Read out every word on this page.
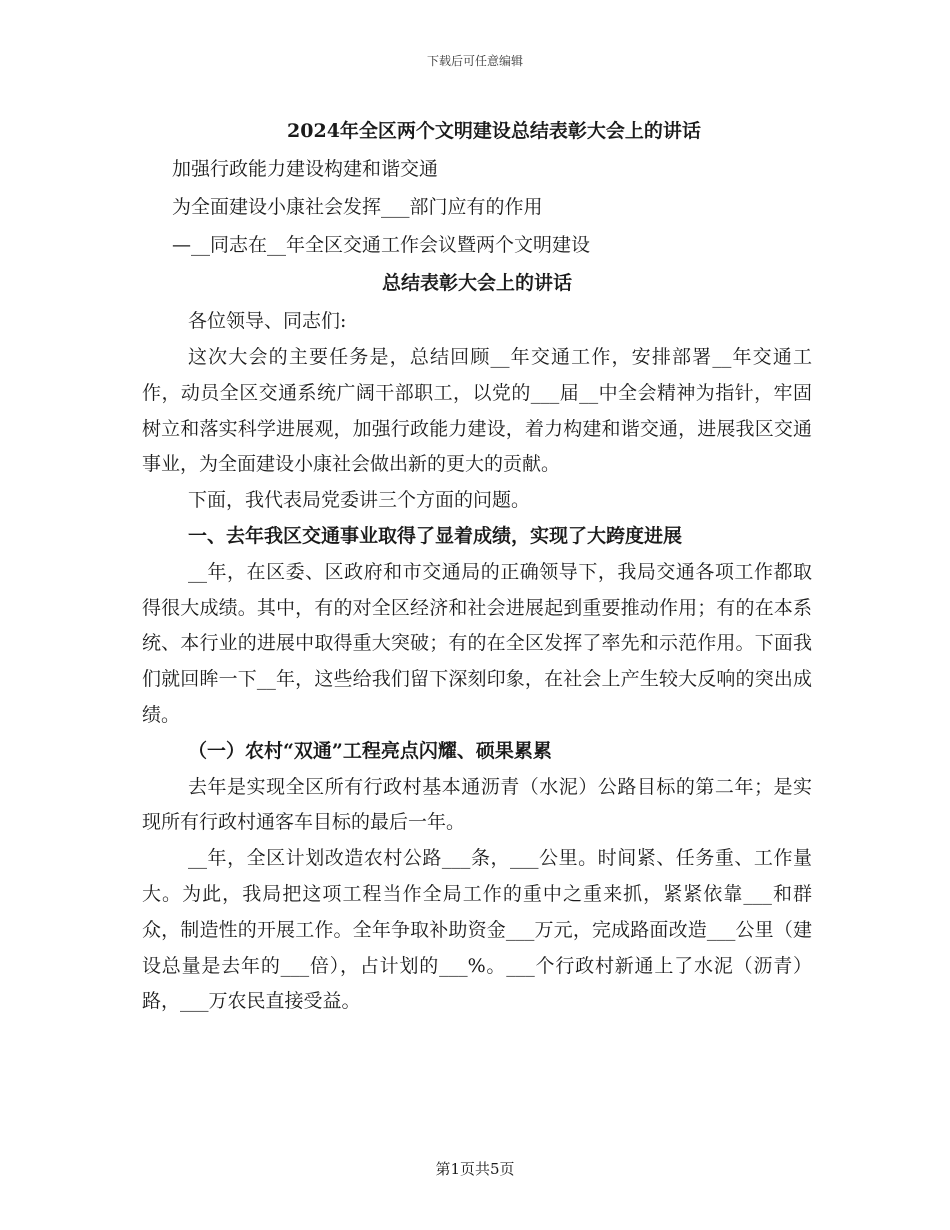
下载后可任意编辑
2024年全区两个文明建设总结表彰大会上的讲话
加强行政能力建设构建和谐交通
为全面建设小康社会发挥___部门应有的作用
—__同志在__年全区交通工作会议暨两个文明建设
总结表彰大会上的讲话
各位领导、同志们:

这次大会的主要任务是，总结回顾__年交通工作，安排部署__年交通工作，动员全区交通系统广阔干部职工，以党的___届__中全会精神为指针，牢固树立和落实科学进展观，加强行政能力建设，着力构建和谐交通，进展我区交通事业，为全面建设小康社会做出新的更大的贡献。

下面，我代表局党委讲三个方面的问题。

一、去年我区交通事业取得了显着成绩，实现了大跨度进展

__年，在区委、区政府和市交通局的正确领导下，我局交通各项工作都取得很大成绩。其中，有的对全区经济和社会进展起到重要推动作用；有的在本系统、本行业的进展中取得重大突破；有的在全区发挥了率先和示范作用。下面我们就回眸一下__年，这些给我们留下深刻印象，在社会上产生较大反响的突出成绩。

（一）农村“双通”工程亮点闪耀、硕果累累

去年是实现全区所有行政村基本通沥青（水泥）公路目标的第二年；是实现所有行政村通客车目标的最后一年。

__年，全区计划改造农村公路___条，___公里。时间紧、任务重、工作量大。为此，我局把这项工程当作全局工作的重中之重来抓，紧紧依靠___和群众，制造性的开展工作。全年争取补助资金___万元，完成路面改造___公里（建设总量是去年的___倍），占计划的___%。___个行政村新通上了水泥（沥青）路，___万农民直接受益。

第1页共5页
